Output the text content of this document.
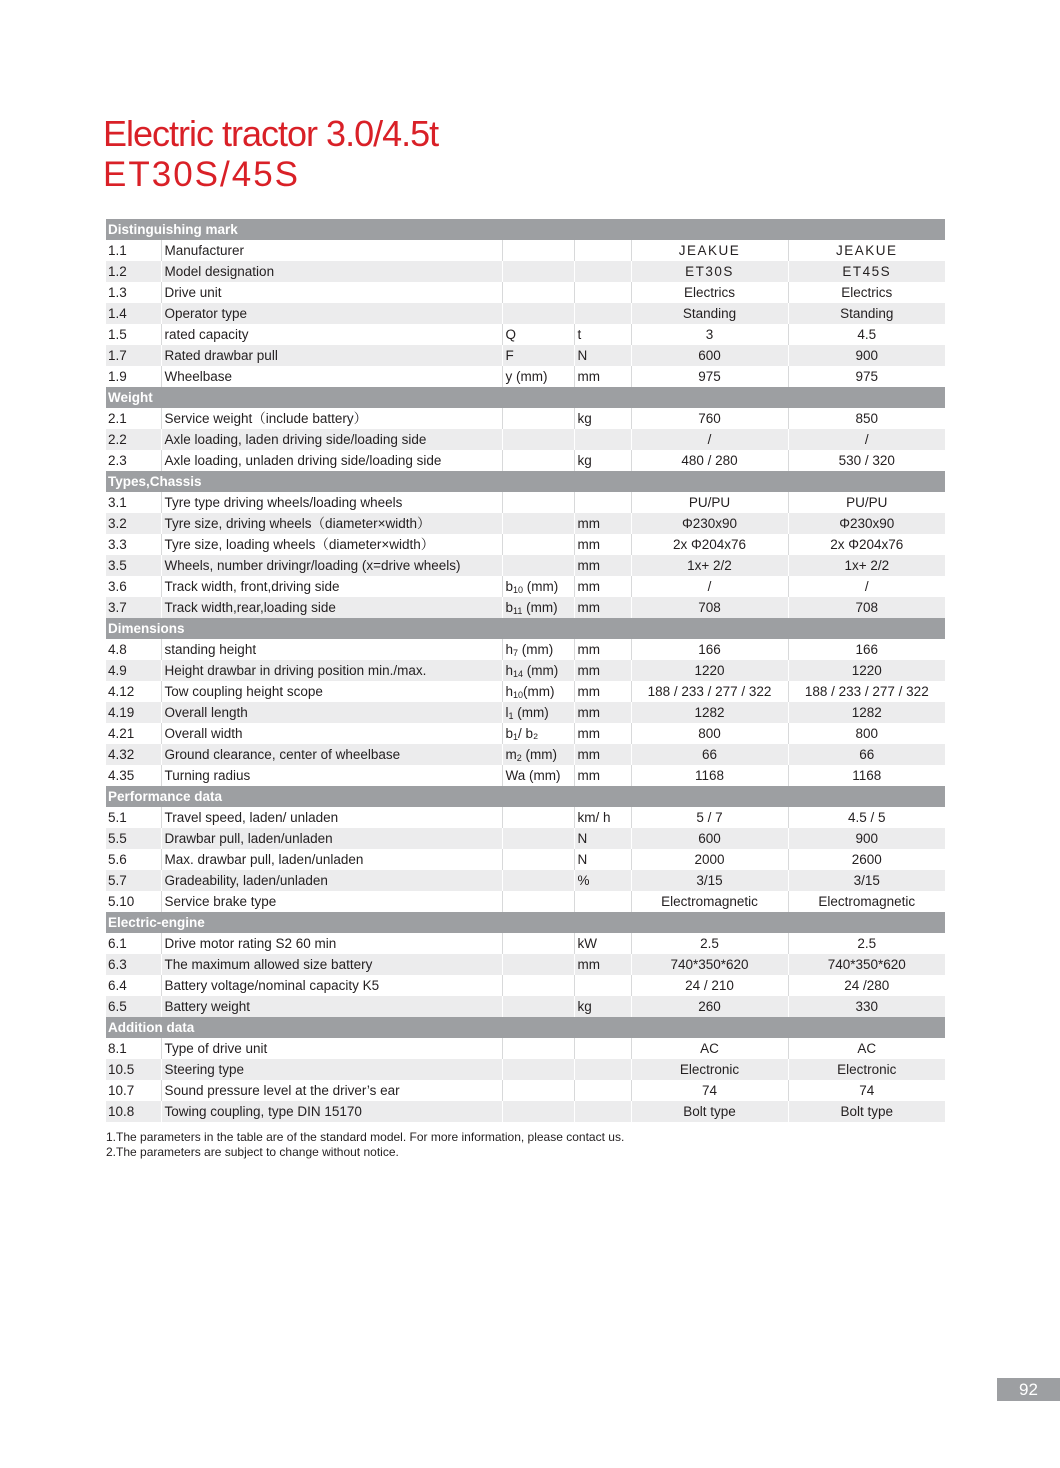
Electric tractor 3.0/4.5t
ET30S/45S
Distinguishing mark					
1.1	Manufacturer			JEAKUE	JEAKUE
1.2	Model designation			ET30S	ET45S
1.3	Drive unit			Electrics	Electrics
1.4	Operator type			Standing	Standing
1.5	rated capacity	Q	t	3	4.5
1.7	Rated drawbar pull	F	N	600	900
1.9	Wheelbase	y (mm)	mm	975	975
Weight					
2.1	Service weight（include battery）		kg	760	850
2.2	Axle loading, laden driving side/loading side			/	/
2.3	Axle loading, unladen driving side/loading side		kg	480 / 280	530 / 320
Types,Chassis					
3.1	Tyre type driving wheels/loading wheels			PU/PU	PU/PU
3.2	Tyre size, driving wheels（diameter×width）		mm	Φ230x90	Φ230x90
3.3	Tyre size, loading wheels（diameter×width）		mm	2x Φ204x76	2x Φ204x76
3.5	Wheels, number drivingr/loading (x=drive wheels)		mm	1x+ 2/2	1x+ 2/2
3.6	Track width, front,driving side	$b_{10}$ (mm)	mm	/	/
3.7	Track width,rear,loading side	$b_{11}$ (mm)	mm	708	708
Dimensions					
4.8	standing height	$h_7$ (mm)	mm	166	166
4.9	Height drawbar in driving position min./max.	$h_{14}$ (mm)	mm	1220	1220
4.12	Tow coupling height scope	$h_{10}(mm)$	mm	188 / 233 / 277 / 322	188 / 233 / 277 / 322
4.19	Overall length	$l_1$ (mm)	mm	1282	1282
4.21	Overall width	$b_1/$ b₂	mm	800	800
4.32	Ground clearance, center of wheelbase	$m_2$ (mm)	mm	66	66
4.35	Turning radius	Wa (mm)	mm	1168	1168
Performance data					
5.1	Travel speed, laden/ unladen		km/ h	5 / 7	4.5 / 5
5.5	Drawbar pull, laden/unladen		N	600	900
5.6	Max. drawbar pull, laden/unladen		N	2000	2600
5.7	Gradeability, laden/unladen		%	3/15	3/15
5.10	Service brake type			Electromagnetic	Electromagnetic
Electric-engine					
6.1	Drive motor rating S2 60 min		kW	2.5	2.5
6.3	The maximum allowed size battery		mm	740*350*620	740*350*620
6.4	Battery voltage/nominal capacity K5			24 / 210	24 /280
6.5	Battery weight		kg	260	330
Addition data					
8.1	Type of drive unit			AC	AC
10.5	Steering type			Electronic	Electronic
10.7	Sound pressure level at the driver’s ear			74	74
10.8	Towing coupling, type DIN 15170			Bolt type	Bolt type
1.The parameters in the table are of the standard model. For more information, please contact us.
2.The parameters are subject to change without notice.
92
